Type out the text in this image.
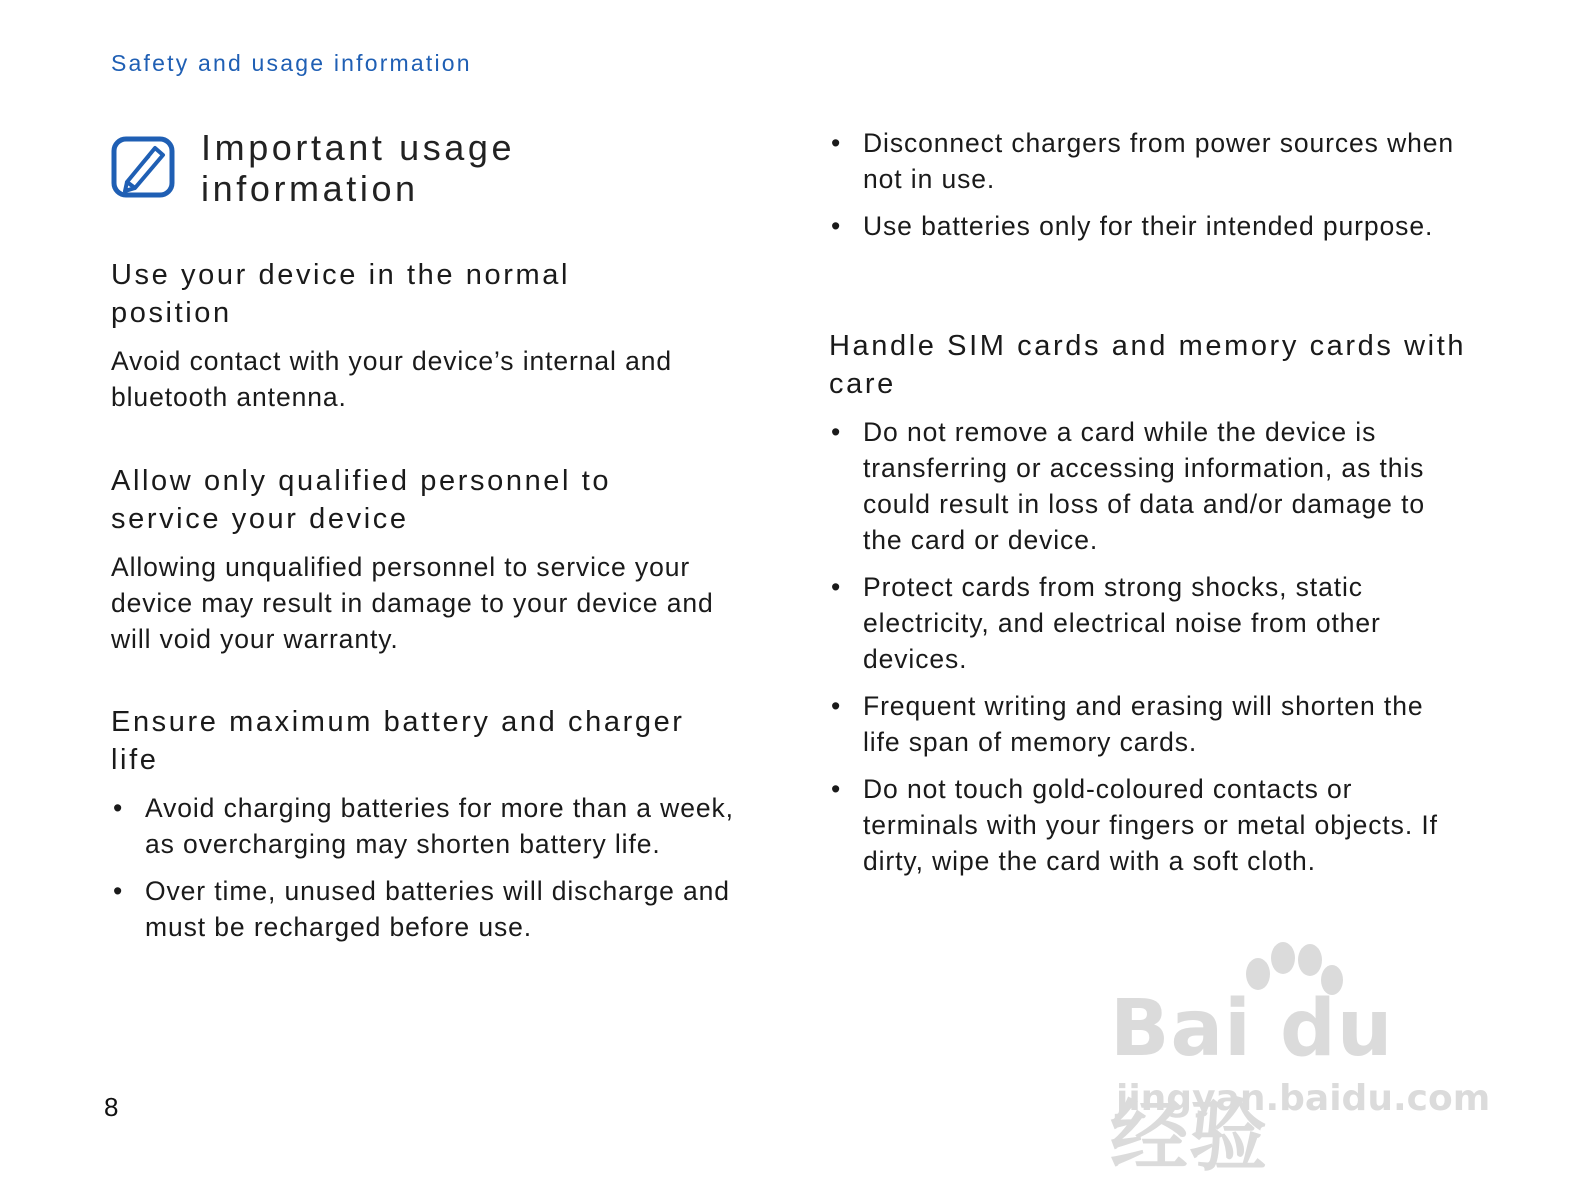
Safety and usage information
Important usage information
Use your device in the normal position
Avoid contact with your device’s internal and bluetooth antenna.
Allow only qualified personnel to service your device
Allowing unqualified personnel to service your device may result in damage to your device and will void your warranty.
Ensure maximum battery and charger life
• Avoid charging batteries for more than a week, as overcharging may shorten battery life.
• Over time, unused batteries will discharge and must be recharged before use.
• Disconnect chargers from power sources when not in use.
• Use batteries only for their intended purpose.
Handle SIM cards and memory cards with care
• Do not remove a card while the device is transferring or accessing information, as this could result in loss of data and/or damage to the card or device.
• Protect cards from strong shocks, static electricity, and electrical noise from other devices.
• Frequent writing and erasing will shorten the life span of memory cards.
• Do not touch gold-coloured contacts or terminals with your fingers or metal objects. If dirty, wipe the card with a soft cloth.
8
Bai du 经验
jingyan.baidu.com
